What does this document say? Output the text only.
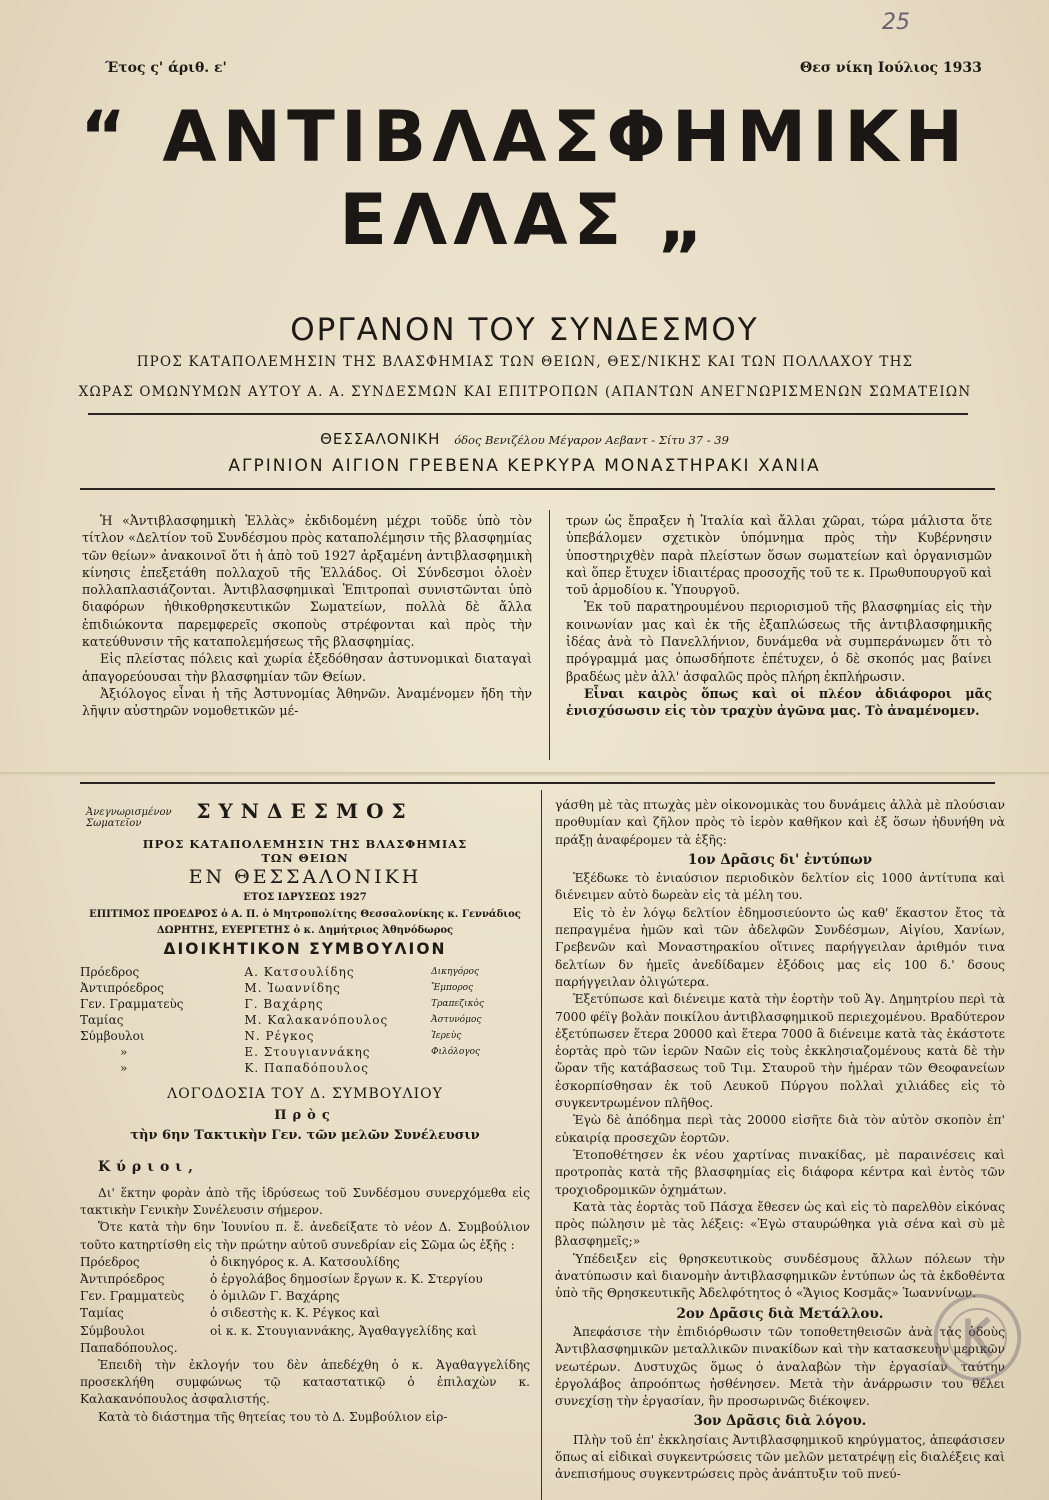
25
Έτος ς' άριθ. ε'	Θεσ νίκη Ιούλιος 1933
“ ΑΝΤΙΒΛΑΣΦΗΜΙΚΗ
ΕΛΛΑΣ „
ΟΡΓΑΝΟΝ ΤΟΥ ΣΥΝΔΕΣΜΟΥ
ΠΡΟΣ ΚΑΤΑΠΟΛΕΜΗΣΙΝ ΤΗΣ ΒΛΑΣΦΗΜΙΑΣ ΤΩΝ ΘΕΙΩΝ, ΘΕΣ/ΝΙΚΗΣ ΚΑΙ ΤΩΝ ΠΟΛΛΑΧΟΥ ΤΗΣ
ΧΩΡΑΣ ΟΜΩΝΥΜΩΝ ΑΥΤΟΥ Α. Α. ΣΥΝΔΕΣΜΩΝ ΚΑΙ ΕΠΙΤΡΟΠΩΝ (ΑΠΑΝΤΩΝ ΑΝΕΓΝΩΡΙΣΜΕΝΩΝ ΣΩΜΑΤΕΙΩΝ
ΘΕΣΣΑΛΟΝΙΚΗ όδος Βενιζέλου Μέγαρον Αεβαντ - Σίτυ 37 - 39
ΑΓΡΙΝΙΟΝ ΑΙΓΙΟΝ ΓΡΕΒΕΝΑ ΚΕΡΚΥΡΑ ΜΟΝΑΣΤΗΡΑΚΙ ΧΑΝΙΑ

Ἡ «Ἀντιβλασφημικὴ Ἑλλὰς» ἐκδιδομένη μέχρι τοῦδε ὑπὸ τὸν τίτλον «Δελτίον τοῦ Συνδέσμου πρὸς καταπολέμησιν τῆς βλασφημίας τῶν θείων» ἀνακοινοῖ ὅτι ἡ ἀπὸ τοῦ 1927 ἀρξαμένη ἀντιβλασφημικὴ κίνησις ἐπεξετάθη πολλαχοῦ τῆς Ἑλλάδος. Οἱ Σύνδεσμοι ὁλοὲν πολλαπλασιάζονται. Ἀντιβλασφημικαὶ Ἐπιτροπαὶ συνιστῶνται ὑπὸ διαφόρων ἠθικοθρησκευτικῶν Σωματείων, πολλὰ δὲ ἄλλα ἐπιδιώκοντα παρεμφερεῖς σκοποὺς στρέφονται καὶ πρὸς τὴν κατεύθυνσιν τῆς καταπολεμήσεως τῆς βλασφημίας.

Εἰς πλείστας πόλεις καὶ χωρία ἐξεδόθησαν ἀστυνομικαὶ διαταγαὶ ἀπαγορεύουσαι τὴν βλασφημίαν τῶν Θείων.

Ἀξιόλογος εἶναι ἡ τῆς Ἀστυνομίας Ἀθηνῶν. Ἀναμένομεν ἤδη τὴν λῆψιν αὐστηρῶν νομοθετικῶν μέ-

τρων ὡς ἔπραξεν ἡ Ἰταλία καὶ ἄλλαι χῶραι, τώρα μάλιστα ὅτε ὑπεβάλομεν σχετικὸν ὑπόμνημα πρὸς τὴν Κυβέρνησιν ὑποστηριχθὲν παρὰ πλείστων ὅσων σωματείων καὶ ὀργανισμῶν καὶ ὅπερ ἔτυχεν ἰδιαιτέρας προσοχῆς τοῦ τε κ. Πρωθυπουργοῦ καὶ τοῦ ἁρμοδίου κ. Ὑπουργοῦ.

Ἐκ τοῦ παρατηρουμένου περιορισμοῦ τῆς βλασφημίας εἰς τὴν κοινωνίαν μας καὶ ἐκ τῆς ἐξαπλώσεως τῆς ἀντιβλασφημικῆς ἰδέας ἀνὰ τὸ Πανελλήνιον, δυνάμεθα νὰ συμπεράνωμεν ὅτι τὸ πρόγραμμά μας ὁπωσδήποτε ἐπέτυχεν, ὁ δὲ σκοπός μας βαίνει βραδέως μὲν ἀλλ' ἀσφαλῶς πρὸς πλήρη ἐκπλήρωσιν.

Εἶναι καιρὸς ὅπως καὶ οἱ πλέον ἀδιάφοροι μᾶς ἐνισχύσωσιν εἰς τὸν τραχὺν ἀγῶνα μας. Τὸ ἀναμένομεν.

Ἀνεγνωρισμένον Σωματεῖον
ΣΥΝΔΕΣΜΟΣ
ΠΡΟΣ ΚΑΤΑΠΟΛΕΜΗΣΙΝ ΤΗΣ ΒΛΑΣΦΗΜΙΑΣ
ΤΩΝ ΘΕΙΩΝ
ΕΝ ΘΕΣΣΑΛΟΝΙΚΗ
ΕΤΟΣ ΙΔΡΥΣΕΩΣ 1927
ΕΠΙΤΙΜΟΣ ΠΡΟΕΔΡΟΣ ὁ Α. Π. ὁ Μητροπολίτης Θεσσαλονίκης κ. Γεννάδιος
ΔΩΡΗΤΗΣ, ΕΥΕΡΓΕΤΗΣ ὁ κ. Δημήτριος Ἀθηνόδωρος
ΔΙΟΙΚΗΤΙΚΟΝ ΣΥΜΒΟΥΛΙΟΝ
Πρόεδρος	Α. Κατσουλίδης	Δικηγόρος
Ἀντιπρόεδρος	Μ. Ἰωαννίδης	Ἔμπορος
Γεν. Γραμματεὺς	Γ. Βαχάρης	Τραπεζικὸς
Ταμίας	Μ. Καλακανόπουλος	Ἀστυνόμος
Σύμβουλοι	Ν. Ρέγκος	Ἰερεὺς
»	Ε. Στουγιαννάκης	Φιλόλογος
»	Κ. Παπαδόπουλος	
ΛΟΓΟΔΟΣΙΑ ΤΟΥ Δ. ΣΥΜΒΟΥΛΙΟΥ
Πρὸς
τὴν 6ην Τακτικὴν Γεν. τῶν μελῶν Συνέλευσιν
Κύριοι,

Δι' ἕκτην φορὰν ἀπὸ τῆς ἱδρύσεως τοῦ Συνδέσμου συνερχόμεθα εἰς τακτικὴν Γενικὴν Συνέλευσιν σήμερον.

Ὅτε κατὰ τὴν 6ην Ἰουνίου π. ἔ. ἀνεδείξατε τὸ νέον Δ. Συμβούλιον τοῦτο κατηρτίσθη εἰς τὴν πρώτην αὐτοῦ συνεδρίαν εἰς Σῶμα ὡς ἑξῆς :

Πρόεδρος	ὁ δικηγόρος κ. Α. Κατσουλίδης
Ἀντιπρόεδρος	ὁ ἐργολάβος δημοσίων ἔργων κ. Κ. Στεργίου
Γεν. Γραμματεὺς	ὁ ὀμιλῶν Γ. Βαχάρης
Ταμίας	ὁ σιδεστὴς κ. Κ. Ρέγκος καὶ
Σύμβουλοι	οἱ κ. κ. Στουγιαννάκης, Ἀγαθαγγελίδης καὶ
Παπαδόπουλος.

Ἐπειδὴ τὴν ἐκλογήν του δὲν ἀπεδέχθη ὁ κ. Ἀγαθαγγελίδης προσεκλήθη συμφώνως τῷ καταστατικῷ ὁ ἐπιλαχὼν κ. Καλακανόπουλος ἀσφαλιστής.

Κατὰ τὸ διάστημα τῆς θητείας του τὸ Δ. Συμβούλιον εἰρ-

γάσθη μὲ τὰς πτωχὰς μὲν οἰκονομικὰς του δυνάμεις ἀλλὰ μὲ πλούσιαν προθυμίαν καὶ ζῆλον πρὸς τὸ ἱερὸν καθῆκον καὶ ἐξ ὅσων ἠδυνήθη νὰ πράξῃ ἀναφέρομεν τὰ ἑξῆς:

1ον Δρᾶσις δι' ἐντύπων

Ἐξέδωκε τὸ ἐνιαύσιον περιοδικὸν δελτίον εἰς 1000 ἀντίτυπα καὶ διένειμεν αὐτὸ δωρεὰν εἰς τὰ μέλη του.

Εἰς τὸ ἐν λόγῳ δελτίον ἐδημοσιεύοντο ὡς καθ' ἕκαστον ἔτος τὰ πεπραγμένα ἡμῶν καὶ τῶν ἀδελφῶν Συνδέσμων, Αἰγίου, Χανίων, Γρεβενῶν καὶ Μοναστηρακίου οἵτινες παρήγγειλαν ἀριθμόν τινα δελτίων δν ἡμεῖς ἀνεδίδαμεν ἐξόδοις μας εἰς 100 δ.' δσους παρήγγειλαν ὀλιγώτερα.

Ἐξετύπωσε καὶ διένειμε κατὰ τὴν ἑορτὴν τοῦ Ἁγ. Δημητρίου περὶ τὰ 7000 φέϊγ βολὰν ποικίλου ἀντιβλασφημικοῦ περιεχομένου. Βραδύτερον ἐξετύπωσεν ἕτερα 20000 καὶ ἕτερα 7000 ἃ διένειμε κατὰ τὰς ἑκάστοτε ἑορτὰς πρὸ τῶν ἱερῶν Ναῶν εἰς τοὺς ἐκκλησιαζομένους κατὰ δὲ τὴν ὥραν τῆς κατάβασεως τοῦ Τιμ. Σταυροῦ τὴν ἡμέραν τῶν Θεοφανείων ἐσκορπίσθησαν ἐκ τοῦ Λευκοῦ Πύργου πολλαὶ χιλιάδες εἰς τὸ συγκεντρωμένον πλῆθος.

Ἐγὼ δὲ ἀπόδημα περὶ τὰς 20000 εἰσῆτε διὰ τὸν αὐτὸν σκοπὸν ἐπ' εὐκαιρίᾳ προσεχῶν ἑορτῶν.

Ἐτοποθέτησεν ἐκ νέου χαρτίνας πινακίδας, μὲ παραινέσεις καὶ προτροπὰς κατὰ τῆς βλασφημίας εἰς διάφορα κέντρα καὶ ἐντὸς τῶν τροχιοδρομικῶν ὀχημάτων.

Κατὰ τὰς ἑορτὰς τοῦ Πάσχα ἔθεσεν ὡς καὶ εἰς τὸ παρελθὸν εἰκόνας πρὸς πώλησιν μὲ τὰς λέξεις: «Ἐγὼ σταυρώθηκα γιὰ σένα καὶ σὺ μὲ βλασφημεῖς;»

Ὑπέδειξεν εἰς θρησκευτικοὺς συνδέσμους ἄλλων πόλεων τὴν ἀνατύπωσιν καὶ διανομὴν ἀντιβλασφημικῶν ἐντύπων ὡς τὰ ἐκδοθέντα ὑπὸ τῆς Θρησκευτικῆς Ἀδελφότητος ὁ «Ἅγιος Κοσμᾶς» Ἰωαννίνων.

2ον Δρᾶσις διὰ Μετάλλου.

Ἀπεφάσισε τὴν ἐπιδιόρθωσιν τῶν τοποθετηθεισῶν ἀνὰ τὰς ὁδοὺς Ἀντιβλασφημικῶν μεταλλικῶν πινακίδων καὶ τὴν κατασκευὴν μερικῶν νεωτέρων. Δυστυχῶς ὅμως ὁ ἀναλαβὼν τὴν ἐργασίαν ταύτην ἐργολάβος ἀπροόπτως ἠσθένησεν. Μετὰ τὴν ἀνάρρωσιν του θέλει συνεχίσῃ τὴν ἐργασίαν, ἣν προσωρινῶς διέκοψεν.

3ον Δρᾶσις διὰ λόγου.

Πλὴν τοῦ ἐπ' ἐκκλησίαις Ἀντιβλασφημικοῦ κηρύγματος, ἀπεφάσισεν ὅπως αἱ εἰδικαὶ συγκεντρώσεις τῶν μελῶν μετατρέψῃ εἰς διαλέξεις καὶ ἀνεπισήμους συγκεντρώσεις πρὸς ἀνάπτυξιν τοῦ πνεύ-
